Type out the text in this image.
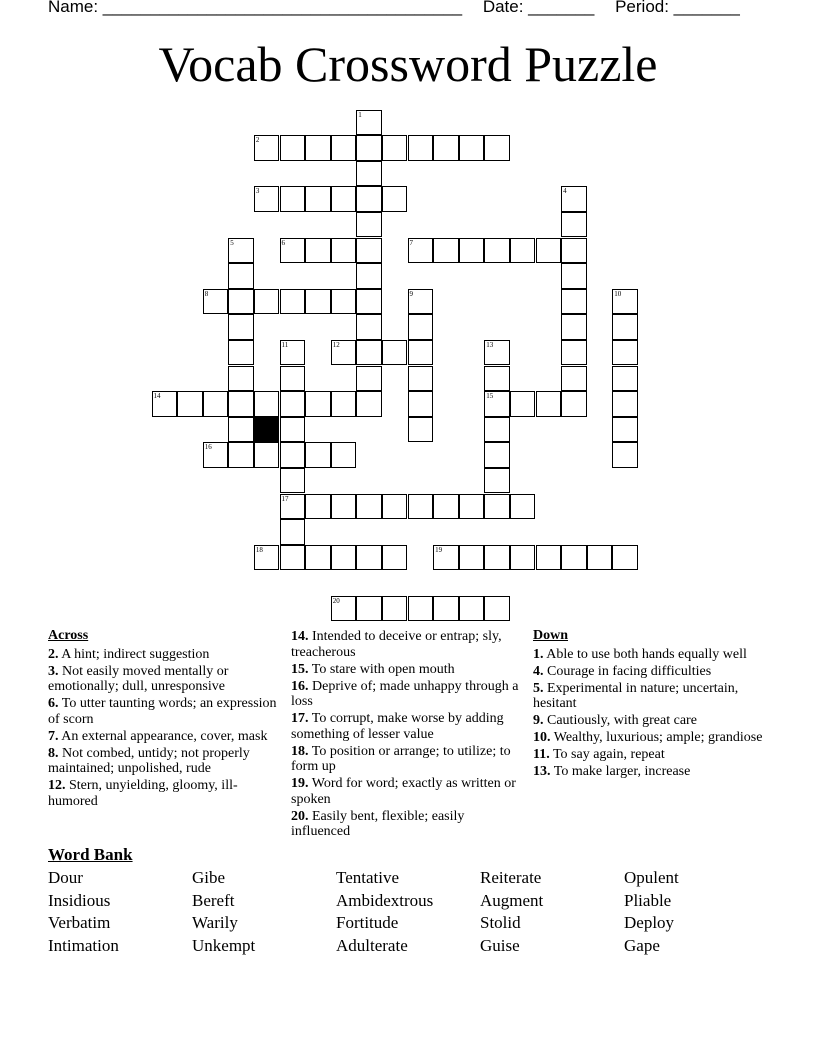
Name: ______________________________________ Date: _______ Period: _______
Vocab Crossword Puzzle
1
2
3	4
5	6	7
8	9	10
11
17
12	13
15
14
16
18	19
20
Across
2. A hint; indirect suggestion
3. Not easily moved mentally or emotionally; dull, unresponsive
6. To utter taunting words; an expression of scorn
7. An external appearance, cover, mask
8. Not combed, untidy; not properly maintained; unpolished, rude
12. Stern, unyielding, gloomy, ill-humored
14. Intended to deceive or entrap; sly, treacherous
15. To stare with open mouth
16. Deprive of; made unhappy through a loss
17. To corrupt, make worse by adding something of lesser value
18. To position or arrange; to utilize; to form up
19. Word for word; exactly as written or spoken
20. Easily bent, flexible; easily influenced
Down
1. Able to use both hands equally well
4. Courage in facing difficulties
5. Experimental in nature; uncertain, hesitant
9. Cautiously, with great care
10. Wealthy, luxurious; ample; grandiose
11. To say again, repeat
13. To make larger, increase
Word Bank
Dour	Gibe	Tentative	Reiterate	Opulent
Insidious	Bereft	Ambidextrous	Augment	Pliable
Verbatim	Warily	Fortitude	Stolid	Deploy
Intimation	Unkempt	Adulterate	Guise	Gape
